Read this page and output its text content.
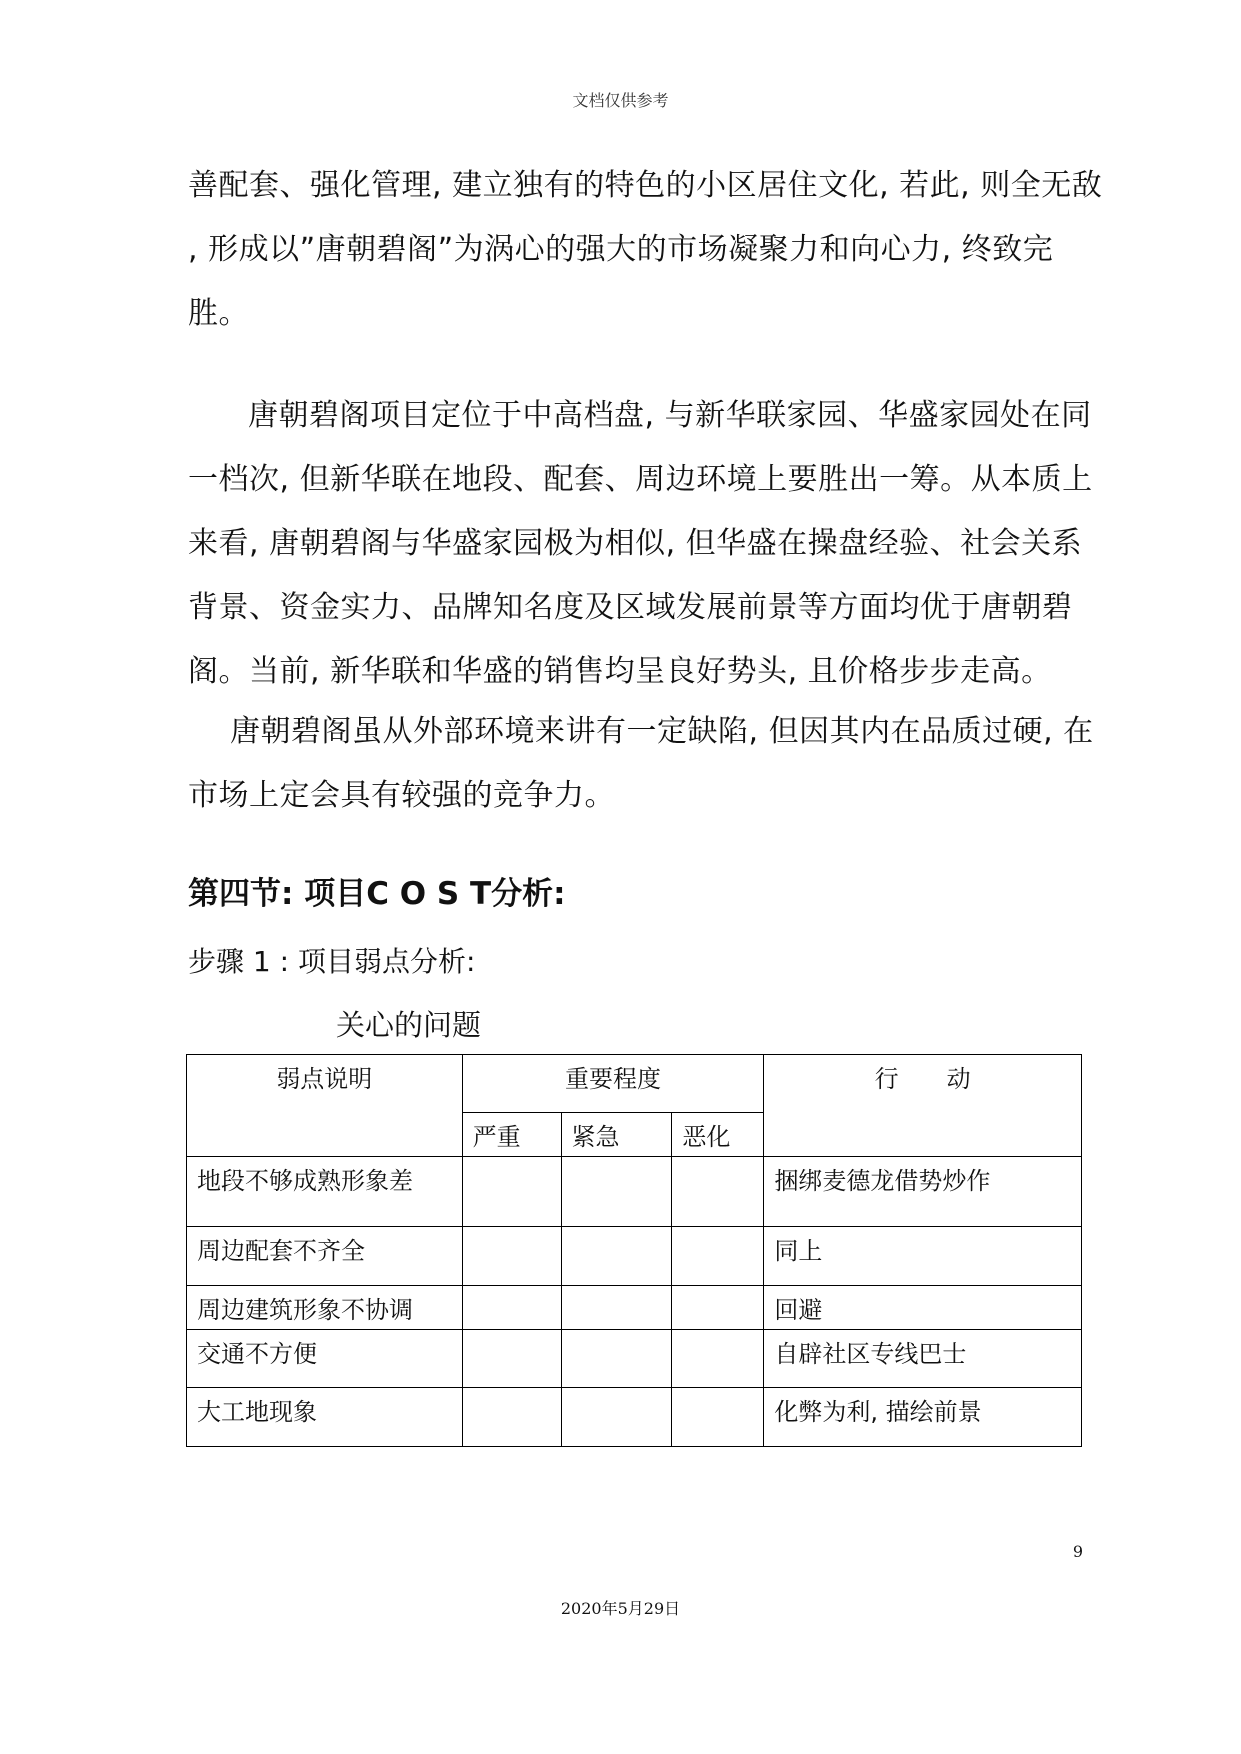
文档仅供参考
善配套、强化管理, 建立独有的特色的小区居住文化, 若此, 则全无敌
, 形成以”唐朝碧阁”为涡心的强大的市场凝聚力和向心力, 终致完
胜。
唐朝碧阁项目定位于中高档盘, 与新华联家园、华盛家园处在同
一档次, 但新华联在地段、配套、周边环境上要胜出一筹。从本质上
来看, 唐朝碧阁与华盛家园极为相似, 但华盛在操盘经验、社会关系
背景、资金实力、品牌知名度及区域发展前景等方面均优于唐朝碧
阁。当前, 新华联和华盛的销售均呈良好势头, 且价格步步走高。
唐朝碧阁虽从外部环境来讲有一定缺陷, 但因其内在品质过硬, 在
市场上定会具有较强的竞争力。
第四节: 项目C O S T分析:
步骤 1 : 项目弱点分析:
关心的问题
弱点说明	重要程度			行　　动
	严重	紧急	恶化	
地段不够成熟形象差				捆绑麦德龙借势炒作
周边配套不齐全				同上
周边建筑形象不协调				回避
交通不方便				自辟社区专线巴士
大工地现象				化弊为利, 描绘前景
9
2020年5月29日
